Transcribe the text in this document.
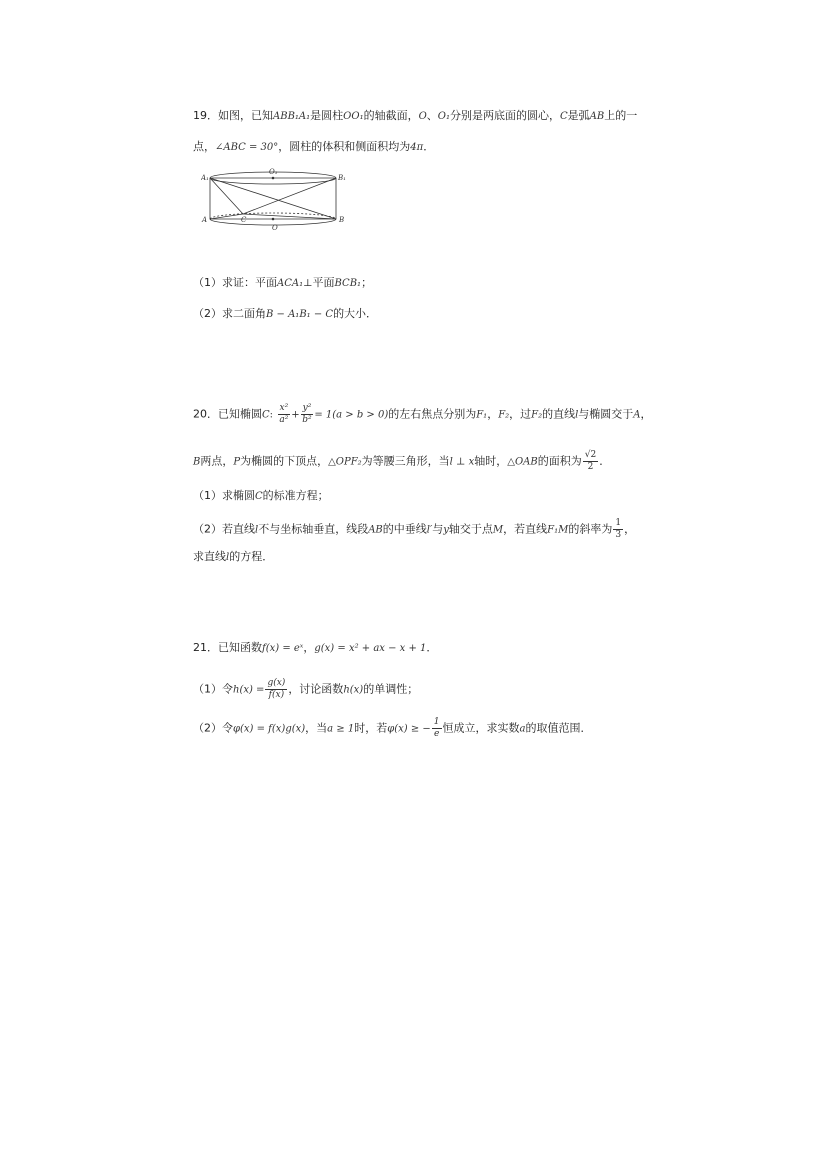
19．如图，已知ABB₁A₁是圆柱OO₁的轴截面，O、O₁分别是两底面的圆心，C是弧AB上的一
点，∠ABC = 30°，圆柱的体积和侧面积均为4π．
A₁	B₁
O₁
A	B
C
O
（1）求证：平面ACA₁⊥平面BCB₁；
（2）求二面角B − A₁B₁ − C的大小．
20．已知椭圆C: $\frac{\text{x²}}{\text{a²}} + \frac{\text{y²}}{\text{b²}} = 1(a > b > 0)$的左右焦点分别为F₁，F₂，过F₂的直线l与椭圆交于A，
B两点，P为椭圆的下顶点，△OPF₂为等腰三角形，当l ⊥ x轴时，△OAB的面积为 $\frac{√2}{2}$ ．
（1）求椭圆C的标准方程；
（2）若直线l不与坐标轴垂直，线段AB的中垂线l′与y轴交于点M，若直线F₁M的斜率为 $\frac{1}{3}$ ，
求直线l的方程．
21．已知函数f(x) = eˣ，g(x) = x² + ax − x + 1．
（1）令$h(x) = \frac{g(x)}{f(x)}$ ，讨论函数h(x)的单调性；
（2）令φ(x) = f(x)g(x)，当a ≥ 1时，若φ(x) ≥ − $\frac{1}{e}$ 恒成立，求实数a的取值范围．
